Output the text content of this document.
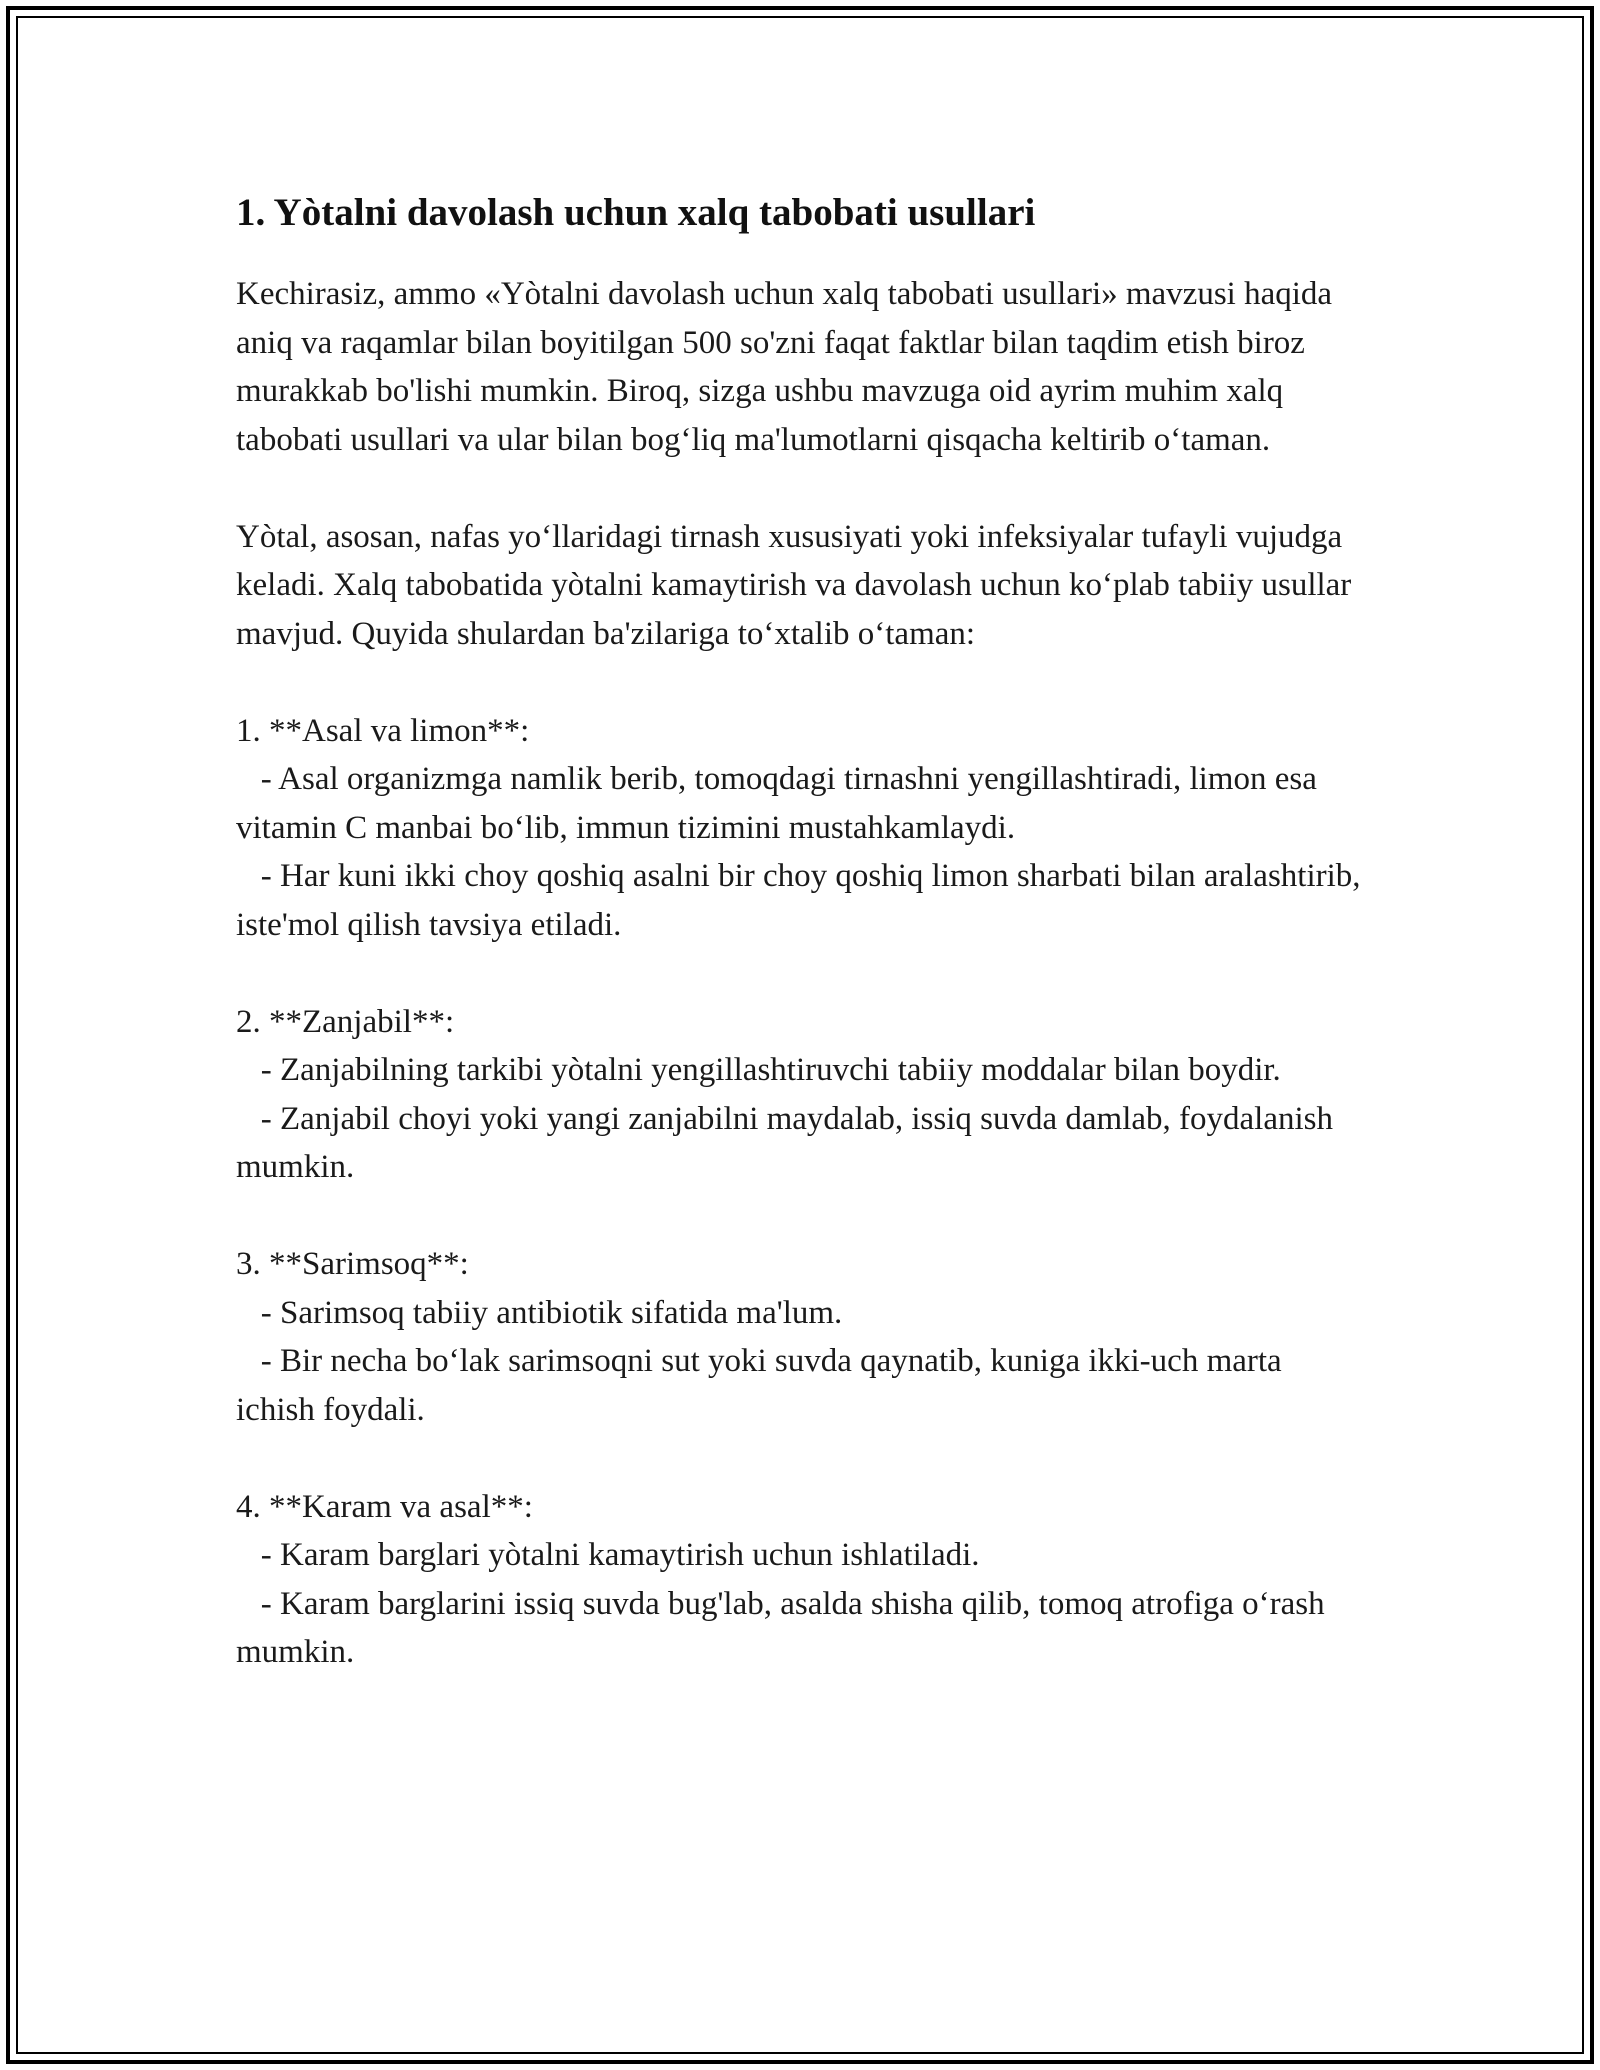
1. Yòtalni davolash uchun xalq tabobati usullari

Kechirasiz, ammo «Yòtalni davolash uchun xalq tabobati usullari» mavzusi haqida aniq va raqamlar bilan boyitilgan 500 so'zni faqat faktlar bilan taqdim etish biroz murakkab bo'lishi mumkin. Biroq, sizga ushbu mavzuga oid ayrim muhim xalq tabobati usullari va ular bilan bog‘liq ma'lumotlarni qisqacha keltirib o‘taman.

Yòtal, asosan, nafas yo‘llaridagi tirnash xususiyati yoki infeksiyalar tufayli vujudga keladi. Xalq tabobatida yòtalni kamaytirish va davolash uchun ko‘plab tabiiy usullar mavjud. Quyida shulardan ba'zilariga to‘xtalib o‘taman:

1. **Asal va limon**:
- Asal organizmga namlik berib, tomoqdagi tirnashni yengillashtiradi, limon esa vitamin C manbai bo‘lib, immun tizimini mustahkamlaydi.
- Har kuni ikki choy qoshiq asalni bir choy qoshiq limon sharbati bilan aralashtirib, iste'mol qilish tavsiya etiladi.

2. **Zanjabil**:
- Zanjabilning tarkibi yòtalni yengillashtiruvchi tabiiy moddalar bilan boydir.
- Zanjabil choyi yoki yangi zanjabilni maydalab, issiq suvda damlab, foydalanish mumkin.

3. **Sarimsoq**:
- Sarimsoq tabiiy antibiotik sifatida ma'lum.
- Bir necha bo‘lak sarimsoqni sut yoki suvda qaynatib, kuniga ikki-uch marta ichish foydali.

4. **Karam va asal**:
- Karam barglari yòtalni kamaytirish uchun ishlatiladi.
- Karam barglarini issiq suvda bug'lab, asalda shisha qilib, tomoq atrofiga o‘rash mumkin.
